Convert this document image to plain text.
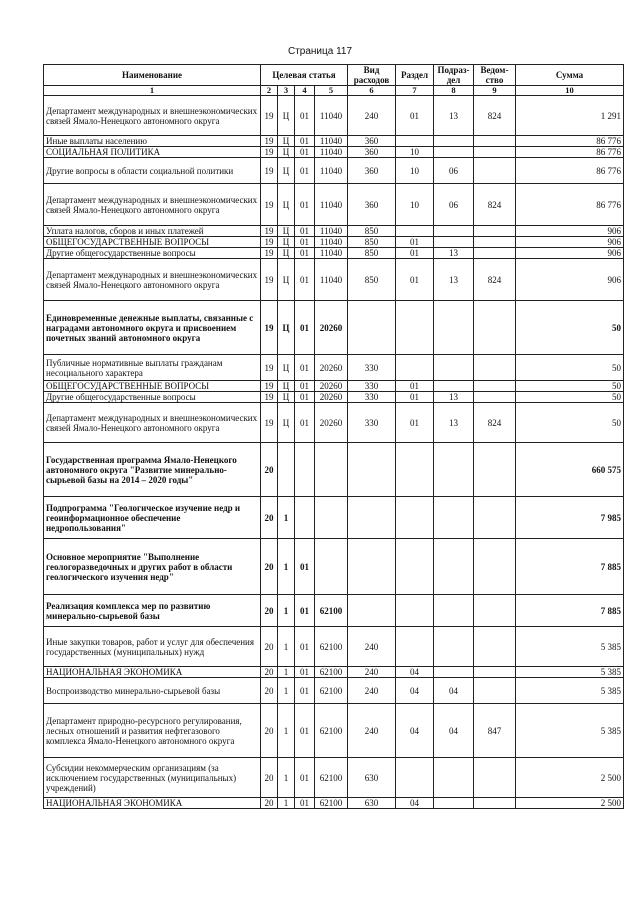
Страница 117
Наименование	Целевая статья				Вид расходов	Раздел	Подраз-дел	Ведом-ство	Сумма
1	2	3	4	5	6	7	8	9	10
Департамент международных и внешнеэкономических связей Ямало-Ненецкого автономного округа	19	Ц	01	11040	240	01	13	824	1 291
Иные выплаты населению	19	Ц	01	11040	360				86 776
СОЦИАЛЬНАЯ ПОЛИТИКА	19	Ц	01	11040	360	10			86 776
Другие вопросы в области социальной политики	19	Ц	01	11040	360	10	06		86 776
Департамент международных и внешнеэкономических связей Ямало-Ненецкого автономного округа	19	Ц	01	11040	360	10	06	824	86 776
Уплата налогов, сборов и иных платежей	19	Ц	01	11040	850				906
ОБЩЕГОСУДАРСТВЕННЫЕ ВОПРОСЫ	19	Ц	01	11040	850	01			906
Другие общегосударственные вопросы	19	Ц	01	11040	850	01	13		906
Департамент международных и внешнеэкономических связей Ямало-Ненецкого автономного округа	19	Ц	01	11040	850	01	13	824	906
Единовременные денежные выплаты, связанные с наградами автономного округа и присвоением почетных званий автономного округа	19	Ц	01	20260					50
Публичные нормативные выплаты гражданам несоциального характера	19	Ц	01	20260	330				50
ОБЩЕГОСУДАРСТВЕННЫЕ ВОПРОСЫ	19	Ц	01	20260	330	01			50
Другие общегосударственные вопросы	19	Ц	01	20260	330	01	13		50
Департамент международных и внешнеэкономических связей Ямало-Ненецкого автономного округа	19	Ц	01	20260	330	01	13	824	50
Государственная программа Ямало-Ненецкого автономного округа "Развитие минерально-сырьевой базы на 2014 – 2020 годы"	20								660 575
Подпрограмма "Геологическое изучение недр и геоинформационное обеспечение недропользования"	20	1							7 985
Основное мероприятие "Выполнение геологоразведочных и других работ в области геологического изучения недр"	20	1	01						7 885
Реализация комплекса мер по развитию минерально-сырьевой базы	20	1	01	62100					7 885
Иные закупки товаров, работ и услуг для обеспечения государственных (муниципальных) нужд	20	1	01	62100	240				5 385
НАЦИОНАЛЬНАЯ ЭКОНОМИКА	20	1	01	62100	240	04			5 385
Воспроизводство минерально-сырьевой базы	20	1	01	62100	240	04	04		5 385
Департамент природно-ресурсного регулирования, лесных отношений и развития нефтегазового комплекса Ямало-Ненецкого автономного округа	20	1	01	62100	240	04	04	847	5 385
Субсидии некоммерческим организациям (за исключением государственных (муниципальных) учреждений)	20	1	01	62100	630				2 500
НАЦИОНАЛЬНАЯ ЭКОНОМИКА	20	1	01	62100	630	04			2 500
